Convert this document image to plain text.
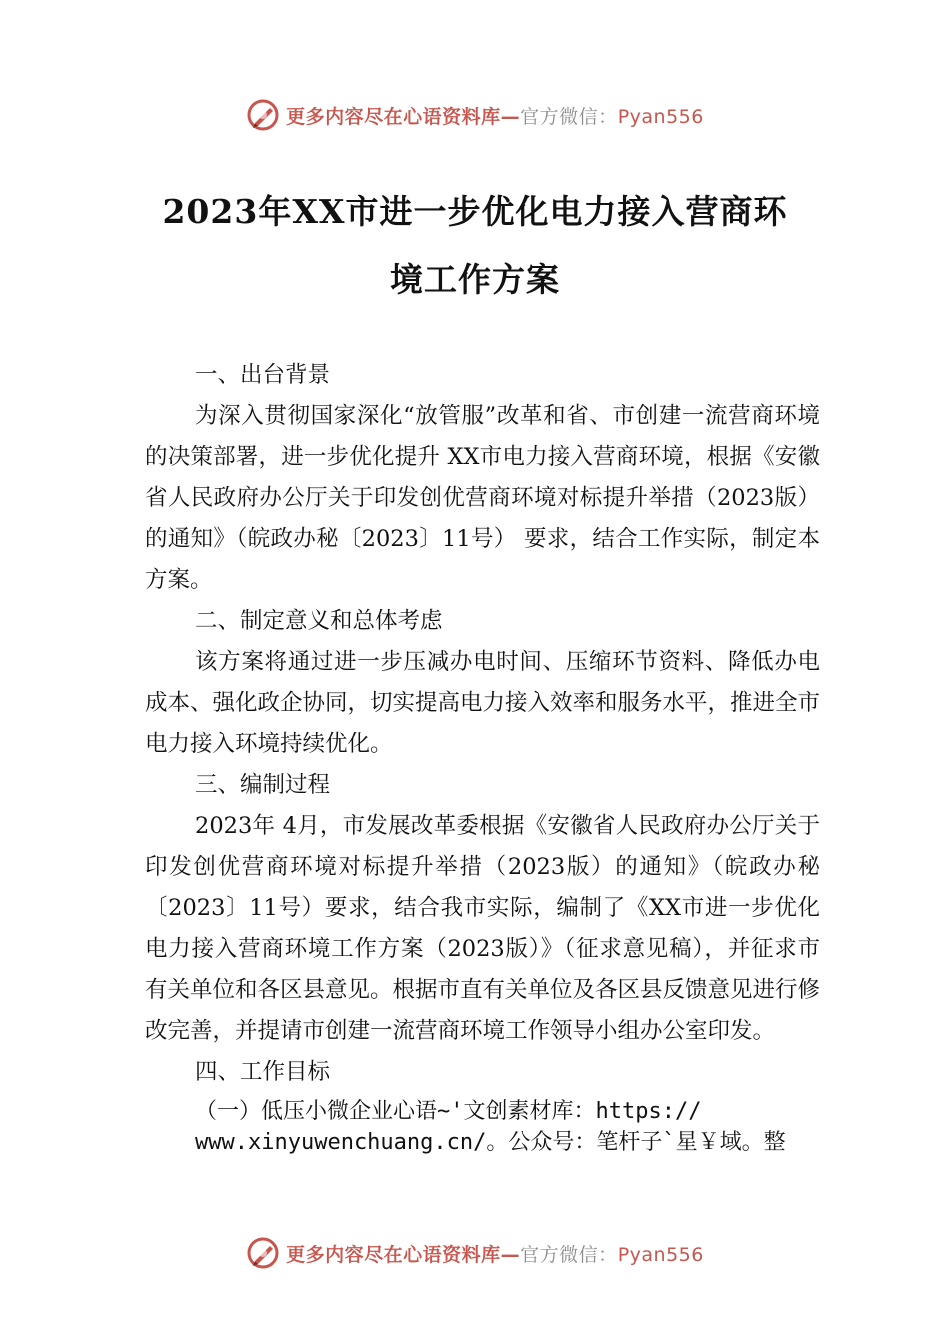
更多内容尽在心语资料库—官方微信：Pyan556
2023年XX市进一步优化电力接入营商环
境工作方案

一、出台背景

为深入贯彻国家深化“放管服”改革和省、市创建一流营商环境的决策部署，进一步优化提升 XX市电力接入营商环境，根据《安徽省人民政府办公厅关于印发创优营商环境对标提升举措（2023版）的通知》（皖政办秘〔2023〕11号） 要求，结合工作实际，制定本方案。

二、制定意义和总体考虑

该方案将通过进一步压减办电时间、压缩环节资料、降低办电成本、强化政企协同，切实提高电力接入效率和服务水平，推进全市电力接入环境持续优化。

三、编制过程

2023年 4月，市发展改革委根据《安徽省人民政府办公厅关于印发创优营商环境对标提升举措（2023版）的通知》（皖政办秘〔2023〕11号）要求，结合我市实际，编制了《XX市进一步优化电力接入营商环境工作方案（2023版）》（征求意见稿），并征求市有关单位和各区县意见。根据市直有关单位及各区县反馈意见进行修改完善，并提请市创建一流营商环境工作领导小组办公室印发。

四、工作目标

（一）低压小微企业心语~'文创素材库：https://

www.xinyuwenchuang.cn/。公众号：笔杆子`星￥域。整

更多内容尽在心语资料库—官方微信：Pyan556
